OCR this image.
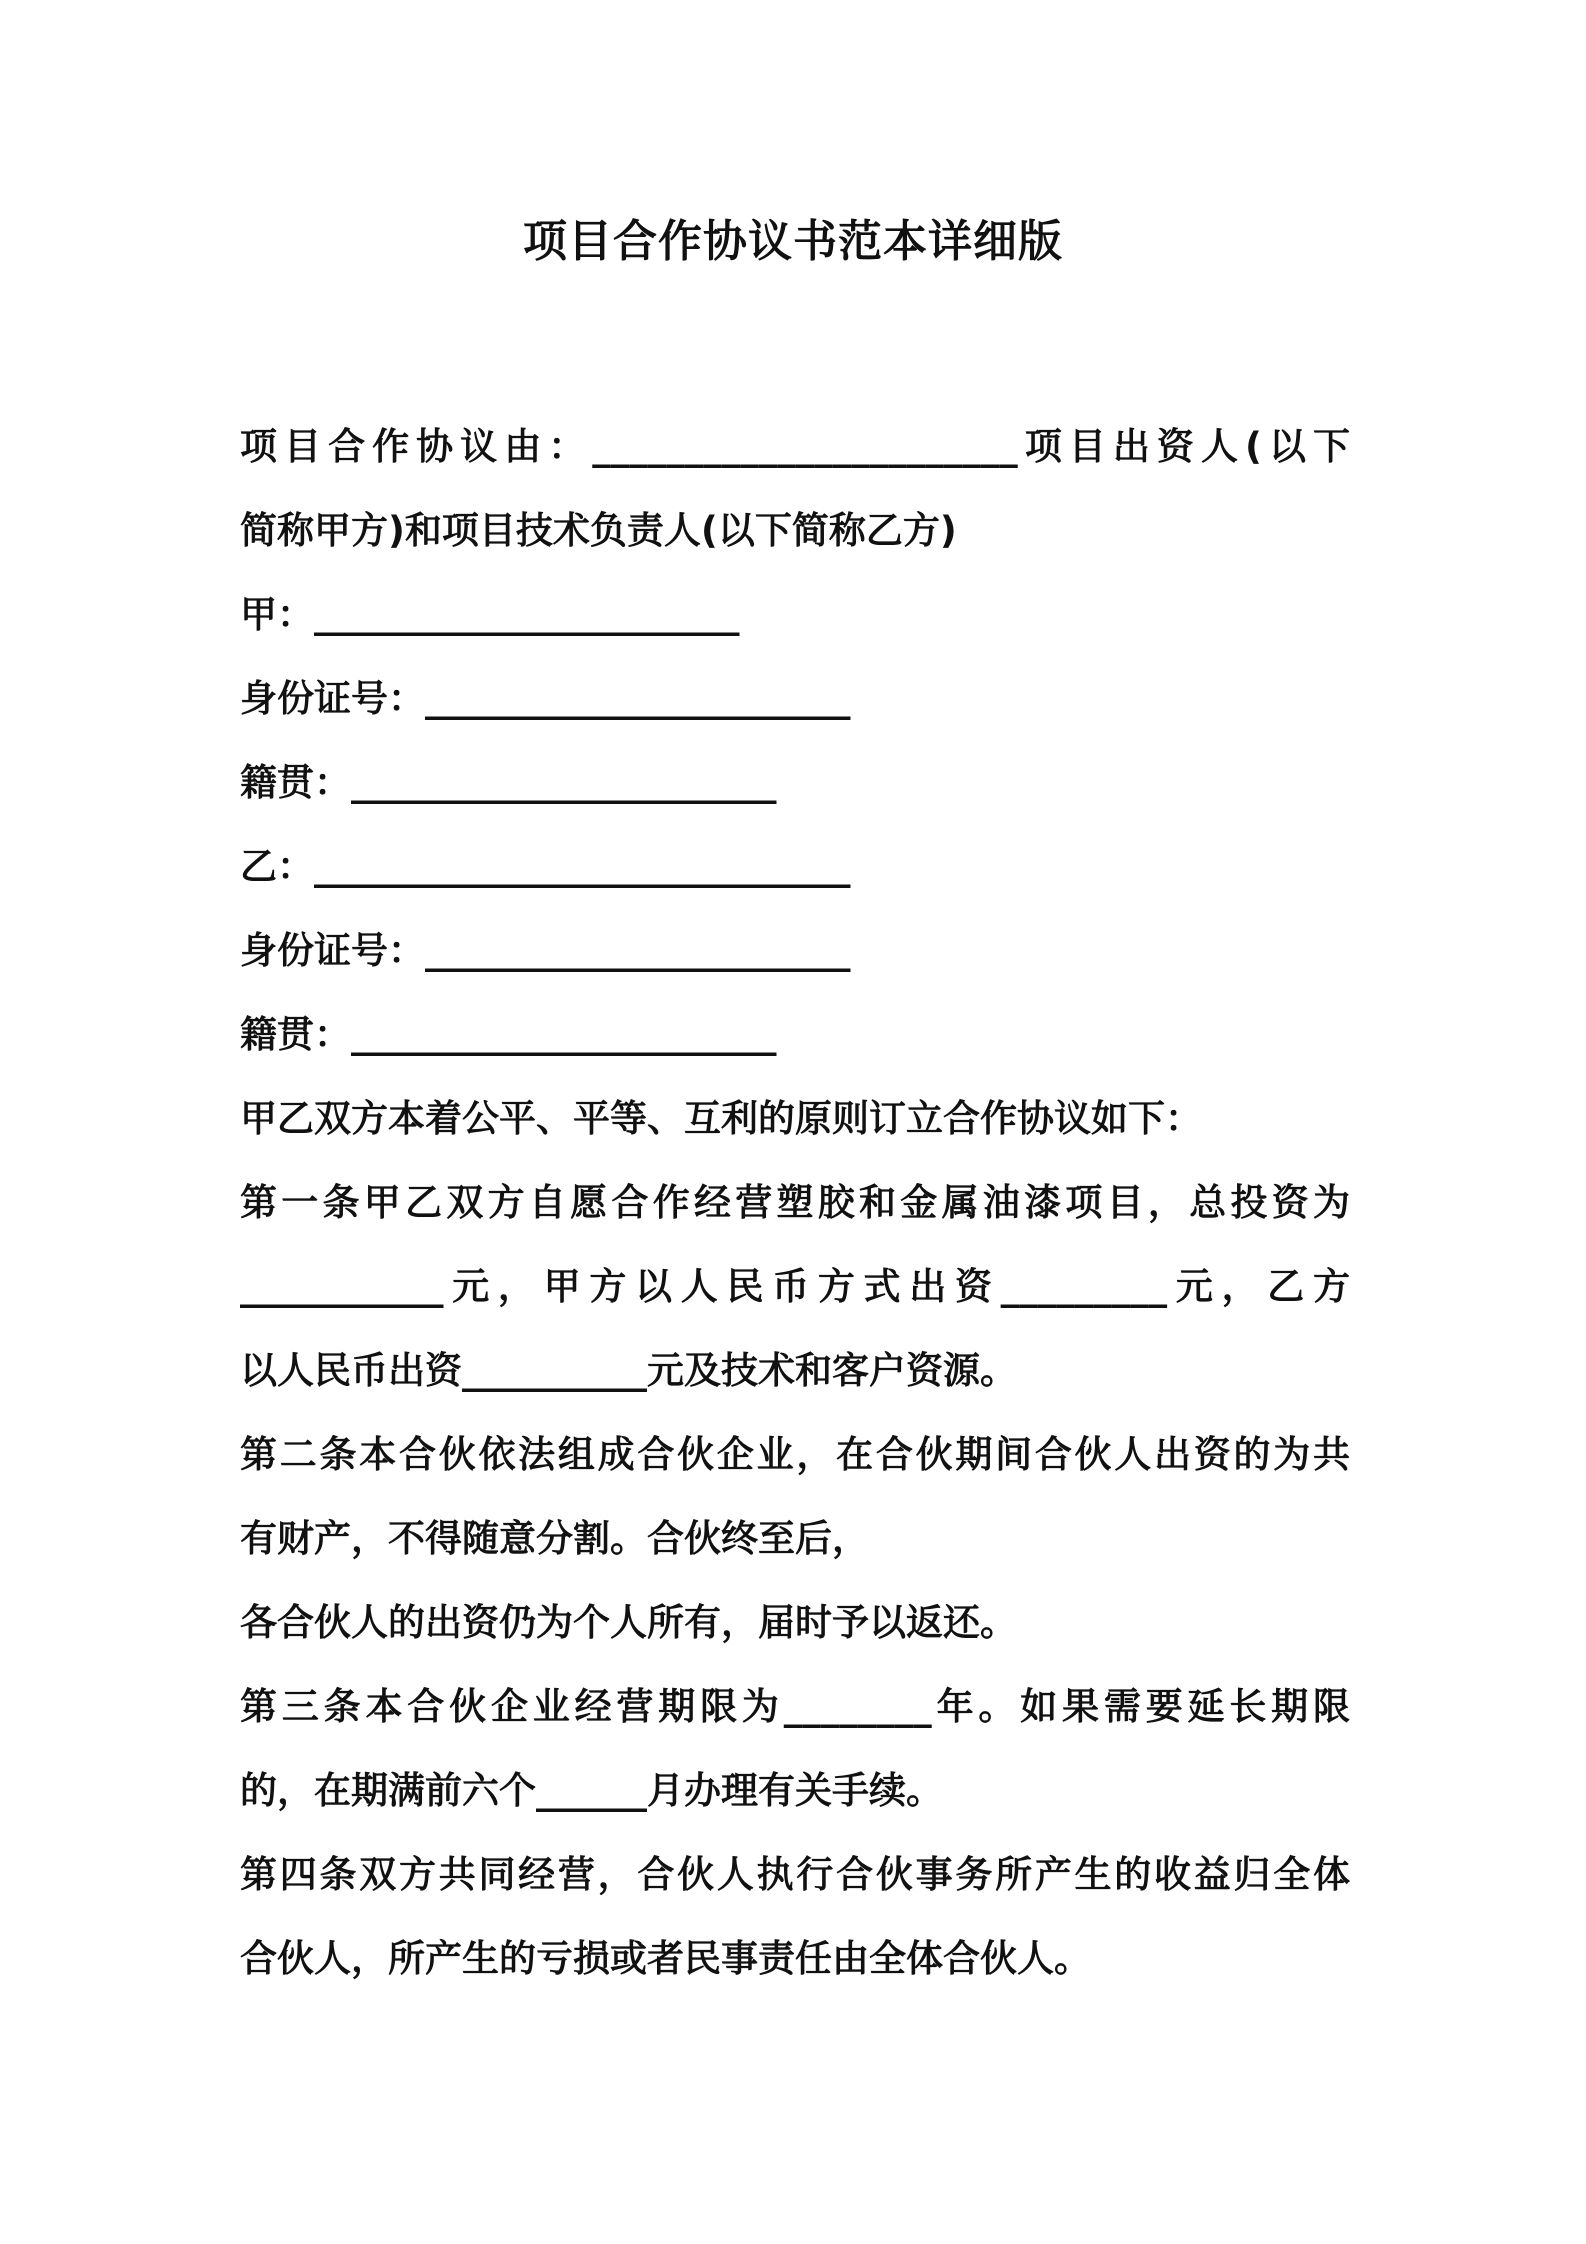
项目合作协议书范本详细版
项目合作协议由：_______________________项目出资人(以下
简称甲方)和项目技术负责人(以下简称乙方)
甲：_______________________
身份证号：_______________________
籍贯：_______________________
乙：_____________________________
身份证号：_______________________
籍贯：_______________________
甲乙双方本着公平、平等、互利的原则订立合作协议如下：
第一条甲乙双方自愿合作经营塑胶和金属油漆项目，总投资为
___________元，甲方以人民币方式出资_________元，乙方
以人民币出资__________元及技术和客户资源。
第二条本合伙依法组成合伙企业，在合伙期间合伙人出资的为共
有财产，不得随意分割。合伙终至后，
各合伙人的出资仍为个人所有，届时予以返还。
第三条本合伙企业经营期限为________年。如果需要延长期限
的，在期满前六个______月办理有关手续。
第四条双方共同经营，合伙人执行合伙事务所产生的收益归全体
合伙人，所产生的亏损或者民事责任由全体合伙人。
